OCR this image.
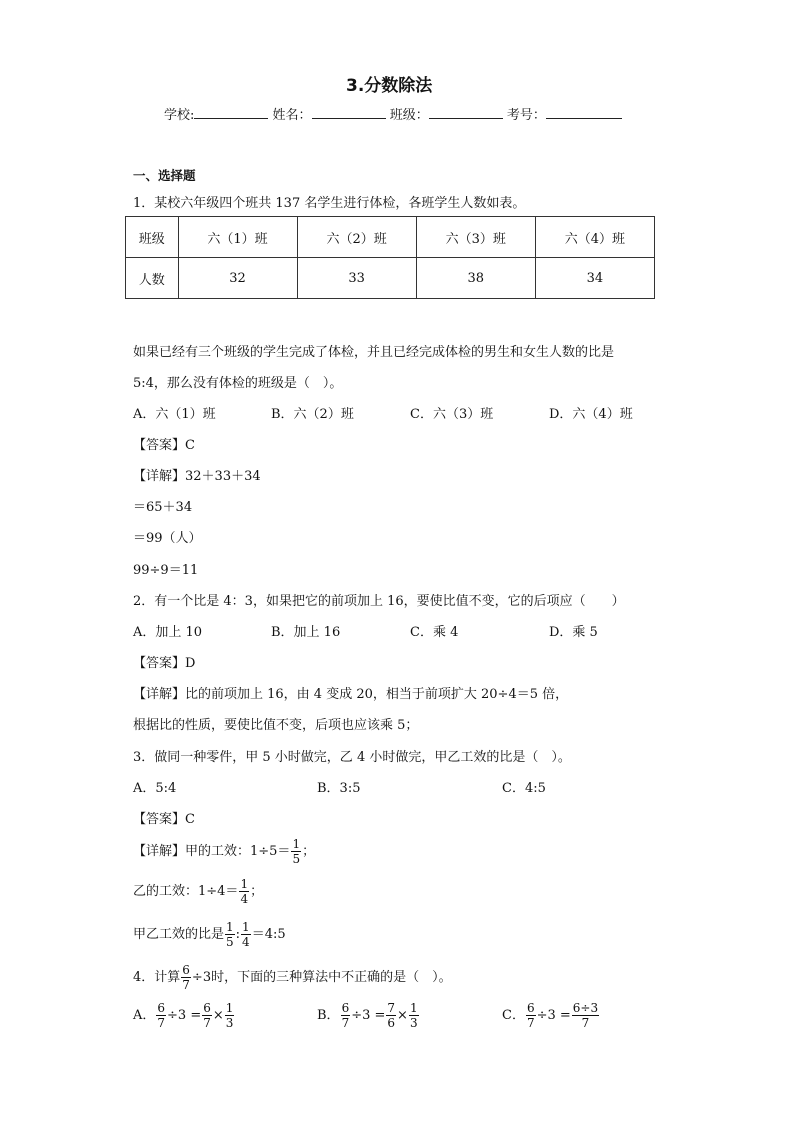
3.分数除法
学校:	姓名：	班级：	考号：
一、选择题
1．某校六年级四个班共 137 名学生进行体检，各班学生人数如表。
班级	六（1）班	六（2）班	六（3）班	六（4）班
人数	32	33	38	34
如果已经有三个班级的学生完成了体检，并且已经完成体检的男生和女生人数的比是
5:4，那么没有体检的班级是（　）。
A．六（1）班	B．六（2）班	C．六（3）班	D．六（4）班
【答案】C
【详解】32＋33＋34
＝65＋34
＝99（人）
99÷9＝11
2．有一个比是 4：3，如果把它的前项加上 16，要使比值不变，它的后项应（　　）
A．加上 10	B．加上 16	C．乘 4	D．乘 5
【答案】D
【详解】比的前项加上 16，由 4 变成 20，相当于前项扩大 20÷4＝5 倍，
根据比的性质，要使比值不变，后项也应该乘 5；
3．做同一种零件，甲 5 小时做完，乙 4 小时做完，甲乙工效的比是（　）。
A．5:4	B．3:5	C．4:5
【答案】C
【详解】甲的工效：$1\div 5= \frac{1}{5}$ ；
乙的工效：$1\div 4= \frac{1}{4}$ ；
甲乙工效的比是 $\frac{1}{5}$ : $\frac{1}{4}$ ＝4:5
4．计算 $\frac{6}{7} \div 3$时，下面的三种算法中不正确的是（　）。
A． $\frac{6}{7} \div 3 = \frac{6}{7} \times \frac{1}{3}$	B． $\frac{6}{7} \div 3 = \frac{7}{6} \times \frac{1}{3}$	C． $\frac{6}{7} \div 3 = \frac{6\div 3}{7}$
